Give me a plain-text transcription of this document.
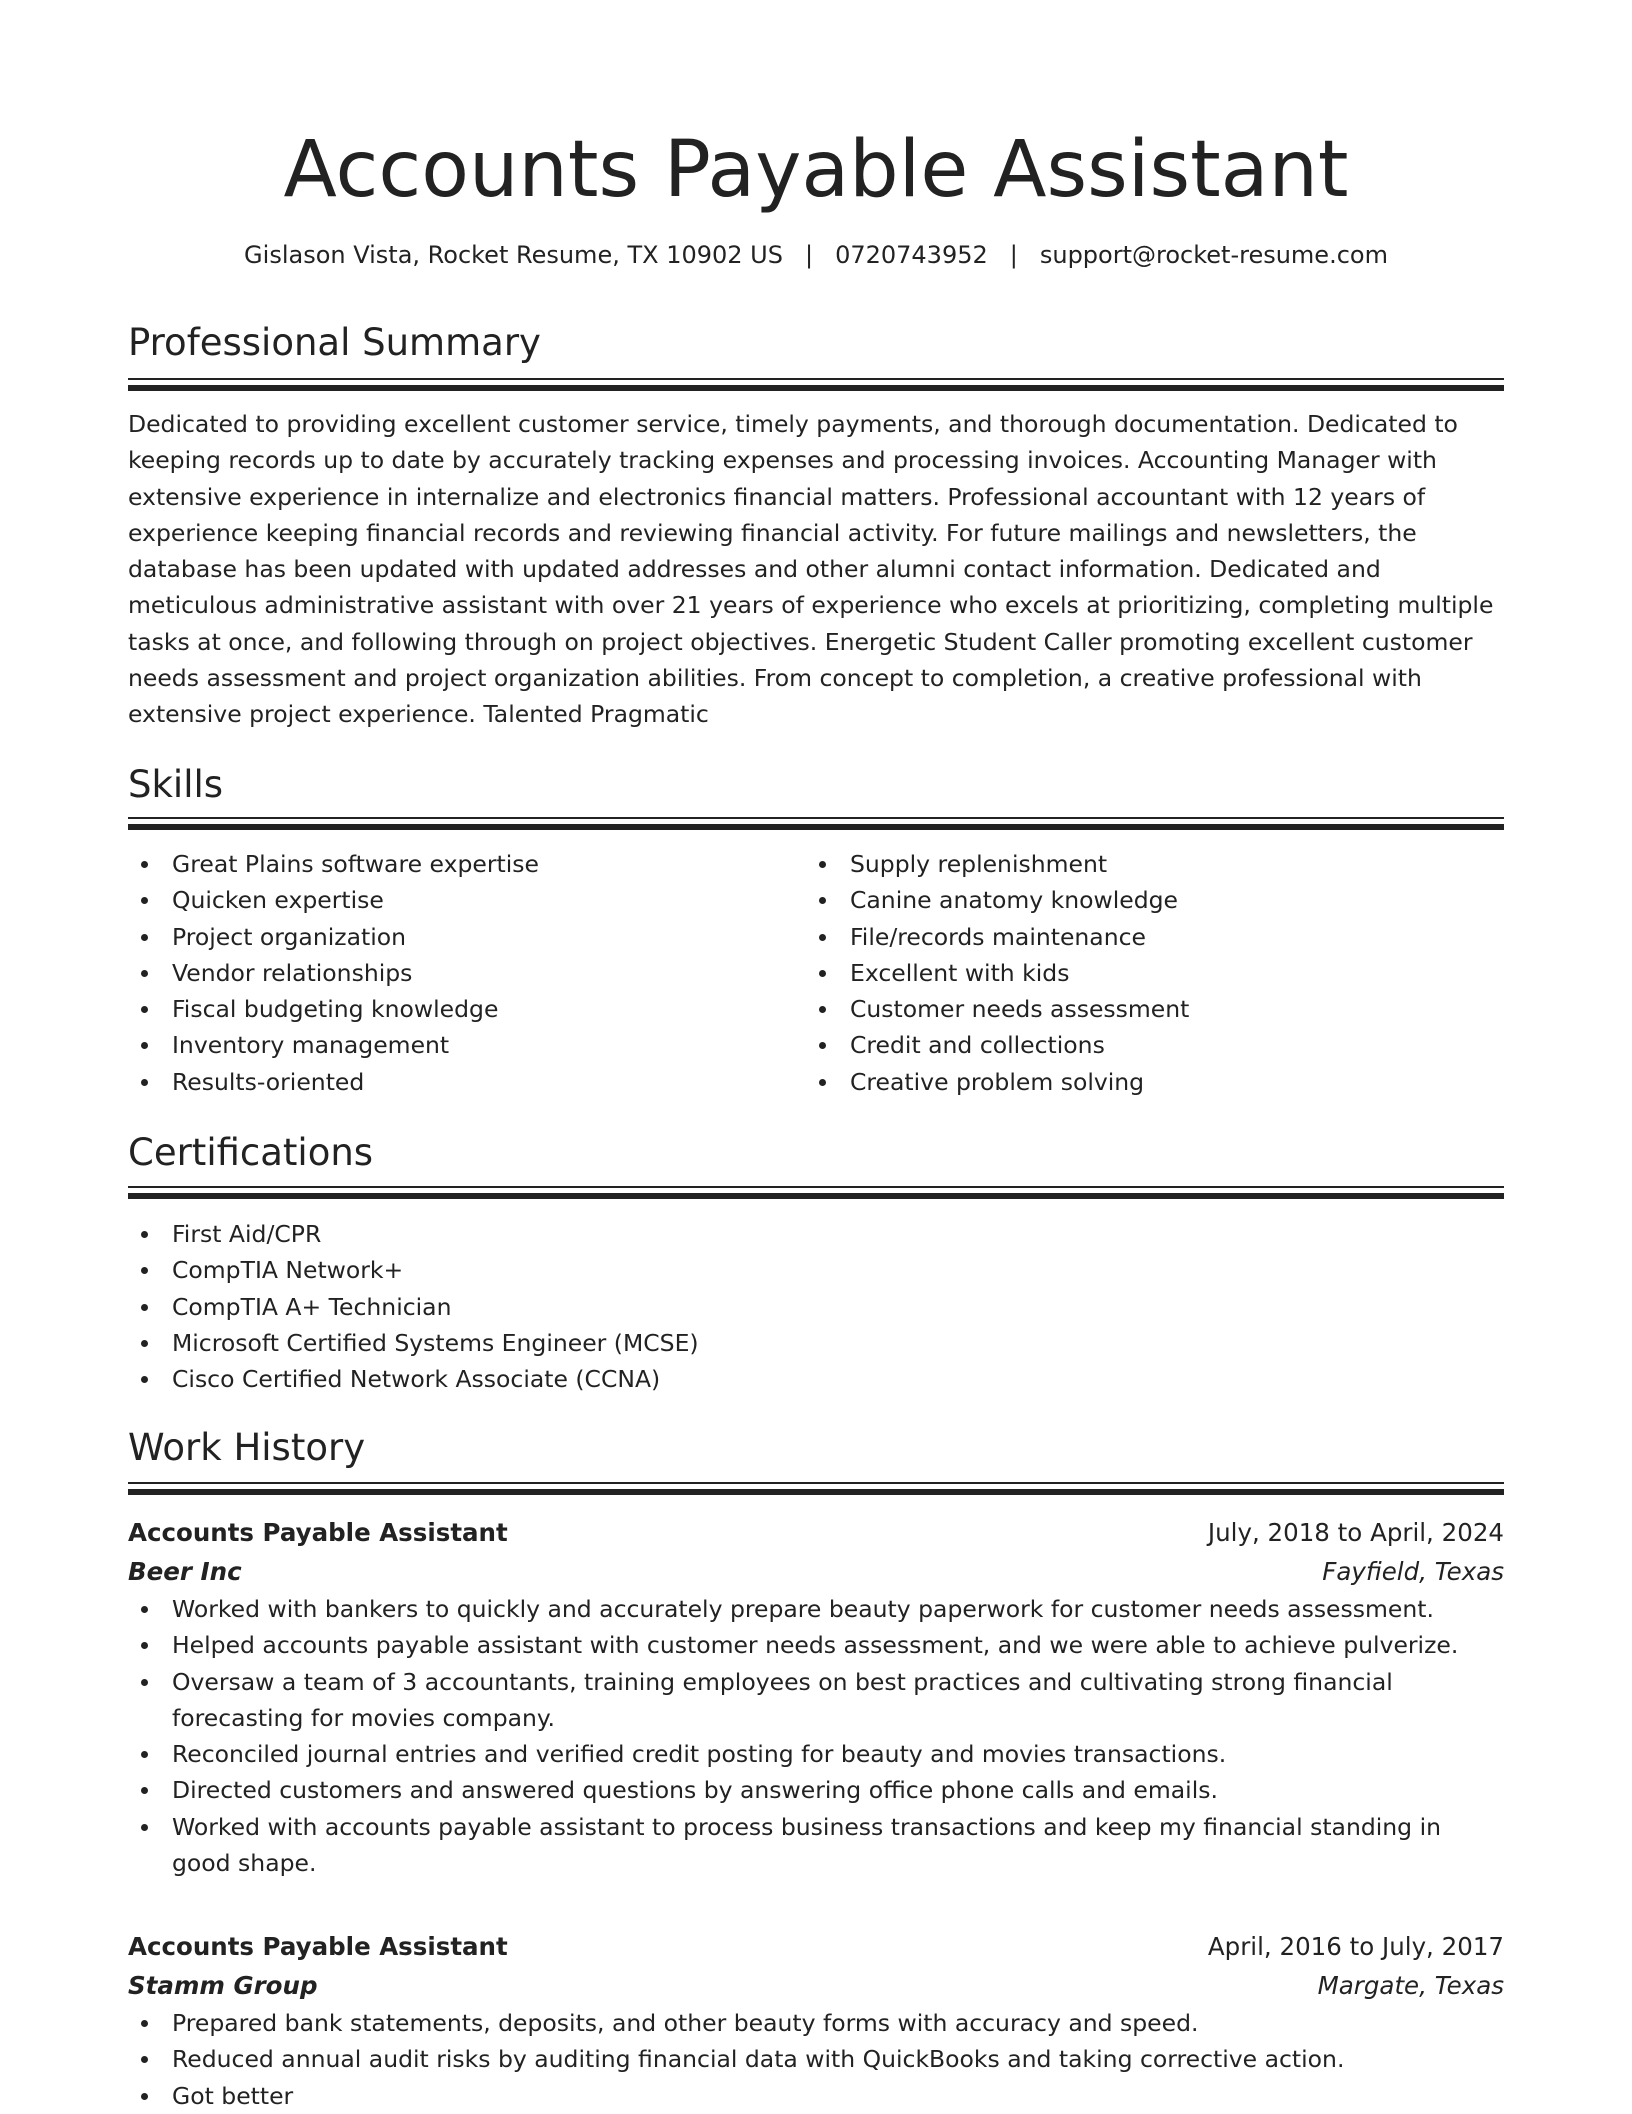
Accounts Payable Assistant
Gislason Vista, Rocket Resume, TX 10902 US | 0720743952 | support@rocket-resume.com
Professional Summary

Dedicated to providing excellent customer service, timely payments, and thorough documentation. Dedicated to keeping records up to date by accurately tracking expenses and processing invoices. Accounting Manager with extensive experience in internalize and electronics financial matters. Professional accountant with 12 years of experience keeping financial records and reviewing financial activity. For future mailings and newsletters, the database has been updated with updated addresses and other alumni contact information. Dedicated and meticulous administrative assistant with over 21 years of experience who excels at prioritizing, completing multiple tasks at once, and following through on project objectives. Energetic Student Caller promoting excellent customer needs assessment and project organization abilities. From concept to completion, a creative professional with extensive project experience. Talented Pragmatic

Skills
Great Plains software expertise
Quicken expertise
Project organization
Vendor relationships
Fiscal budgeting knowledge
Inventory management
Results-oriented
Supply replenishment
Canine anatomy knowledge
File/records maintenance
Excellent with kids
Customer needs assessment
Credit and collections
Creative problem solving
Certifications
First Aid/CPR
CompTIA Network+
CompTIA A+ Technician
Microsoft Certified Systems Engineer (MCSE)
Cisco Certified Network Associate (CCNA)
Work History
Accounts Payable Assistant	July, 2018 to April, 2024
Beer Inc	Fayfield, Texas
Worked with bankers to quickly and accurately prepare beauty paperwork for customer needs assessment.
Helped accounts payable assistant with customer needs assessment, and we were able to achieve pulverize.
Oversaw a team of 3 accountants, training employees on best practices and cultivating strong financial forecasting for movies company.
Reconciled journal entries and verified credit posting for beauty and movies transactions.
Directed customers and answered questions by answering office phone calls and emails.
Worked with accounts payable assistant to process business transactions and keep my financial standing in good shape.
Accounts Payable Assistant	April, 2016 to July, 2017
Stamm Group	Margate, Texas
Prepared bank statements, deposits, and other beauty forms with accuracy and speed.
Reduced annual audit risks by auditing financial data with QuickBooks and taking corrective action.
Got better
